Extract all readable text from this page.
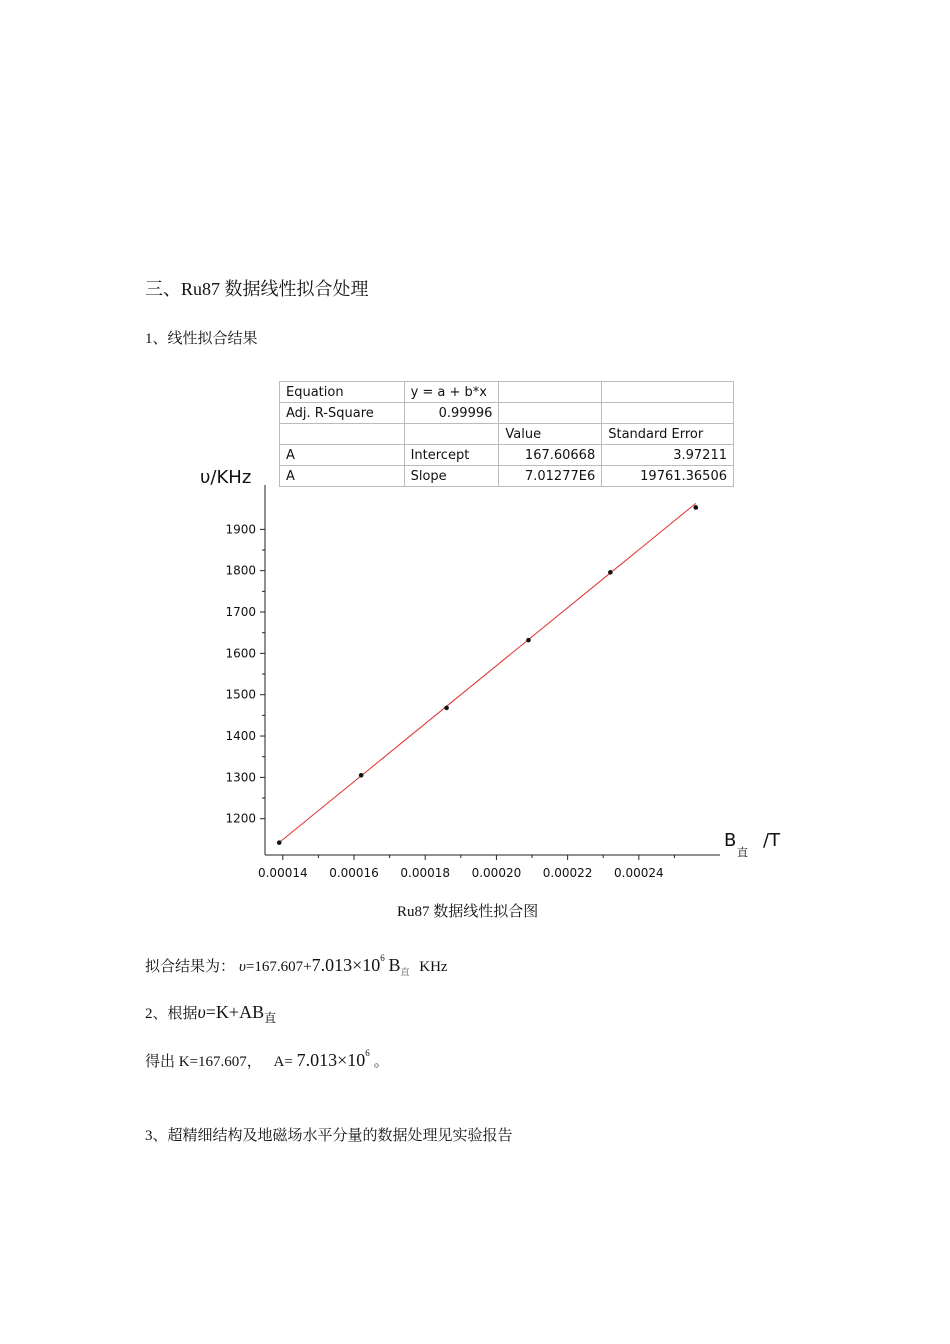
三、Ru87 数据线性拟合处理
1、线性拟合结果
Equation	y = a + b*x		
Adj. R-Square	0.99996		
		Value	Standard Error
A	Intercept	167.60668	3.97211
A	Slope	7.01277E6	19761.36506
υ/KHz
B
直
/T
1200
1300
1400
1500
1600
1700
1800
1900
0.00014 0.00016 0.00018 0.00020 0.00022 0.00024
Ru87 数据线性拟合图
拟合结果为： $\upsilon=167.607+7.013\times 10^6$ $B_直$ KHz
2、根据$\upsilon=K+AB_直$
得出 K=167.607， $A= 7.013\times 10^6$。
3、超精细结构及地磁场水平分量的数据处理见实验报告
